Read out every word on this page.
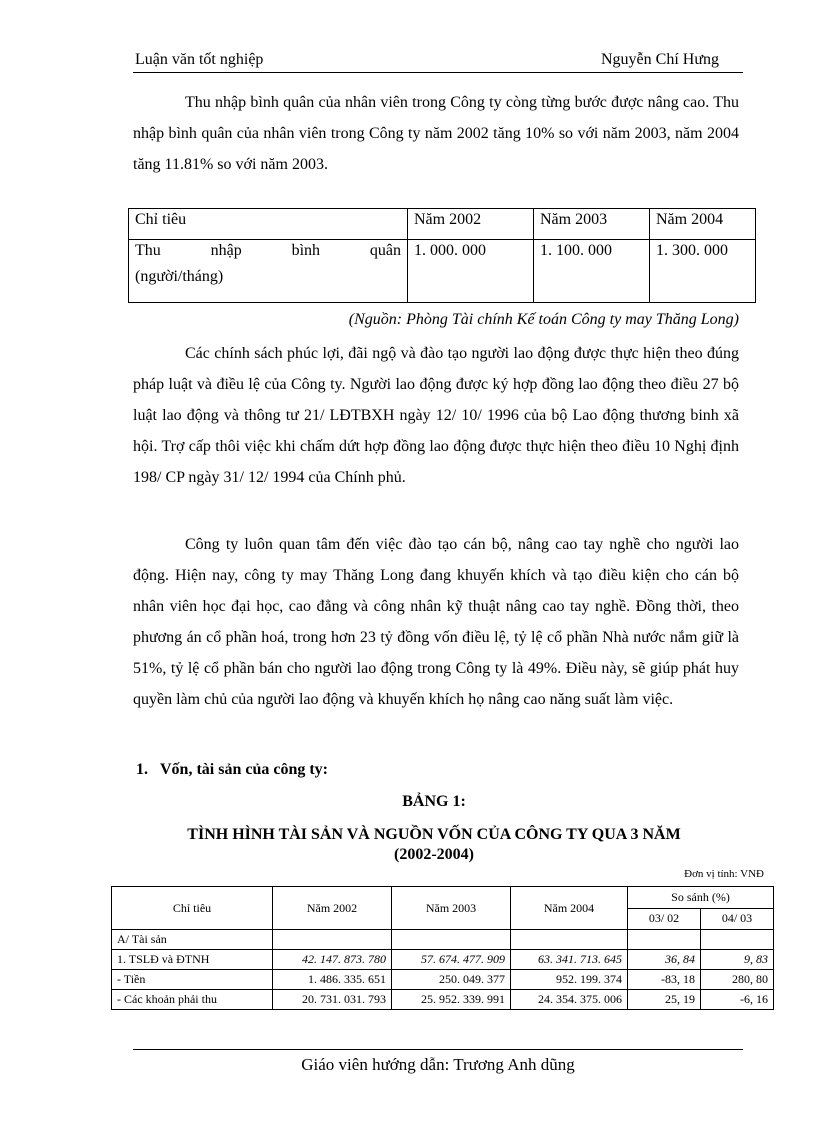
Luận văn tốt nghiệp	Nguyễn Chí Hưng

Thu nhập bình quân của nhân viên trong Công ty còng từng bước được nâng cao. Thu nhập bình quân của nhân viên trong Công ty năm 2002 tăng 10% so với năm 2003, năm 2004 tăng 11.81% so với năm 2003.

Chỉ tiêu	Năm 2002	Năm 2003	Năm 2004

Thu nhập bình quân
(người/tháng)	1. 000. 000	1. 100. 000	1. 300. 000
(Nguồn: Phòng Tài chính Kế toán Công ty may Thăng Long)

Các chính sách phúc lợi, đãi ngộ và đào tạo người lao động được thực hiện theo đúng pháp luật và điều lệ của Công ty. Người lao động được ký hợp đồng lao động theo điều 27 bộ luật lao động và thông tư 21/ LĐTBXH ngày 12/ 10/ 1996 của bộ Lao động thương binh xã hội. Trợ cấp thôi việc khi chấm dứt hợp đồng lao động được thực hiện theo điều 10 Nghị định 198/ CP ngày 31/ 12/ 1994 của Chính phủ.

Công ty luôn quan tâm đến việc đào tạo cán bộ, nâng cao tay nghề cho người lao động. Hiện nay, công ty may Thăng Long đang khuyến khích và tạo điều kiện cho cán bộ nhân viên học đại học, cao đẳng và công nhân kỹ thuật nâng cao tay nghề. Đồng thời, theo phương án cổ phần hoá, trong hơn 23 tỷ đồng vốn điều lệ, tỷ lệ cổ phần Nhà nước nắm giữ là 51%, tỷ lệ cổ phần bán cho người lao động trong Công ty là 49%. Điều này, sẽ giúp phát huy quyền làm chủ của người lao động và khuyến khích họ nâng cao năng suất làm việc.

1. Vốn, tài sản của công ty:
BẢNG 1:
TÌNH HÌNH TÀI SẢN VÀ NGUỒN VỐN CỦA CÔNG TY QUA 3 NĂM
(2002-2004)
Đơn vị tính: VNĐ
Chỉ tiêu	Năm 2002	Năm 2003	Năm 2004	So sánh (%)	
				03/ 02	04/ 03
A/ Tài sản					
1. TSLĐ và ĐTNH	42. 147. 873. 780	57. 674. 477. 909	63. 341. 713. 645	36, 84	9, 83
- Tiền	1. 486. 335. 651	250. 049. 377	952. 199. 374	-83, 18	280, 80
- Các khoản phải thu	20. 731. 031. 793	25. 952. 339. 991	24. 354. 375. 006	25, 19	-6, 16
Giáo viên hướng dẫn: Trương Anh dũng
